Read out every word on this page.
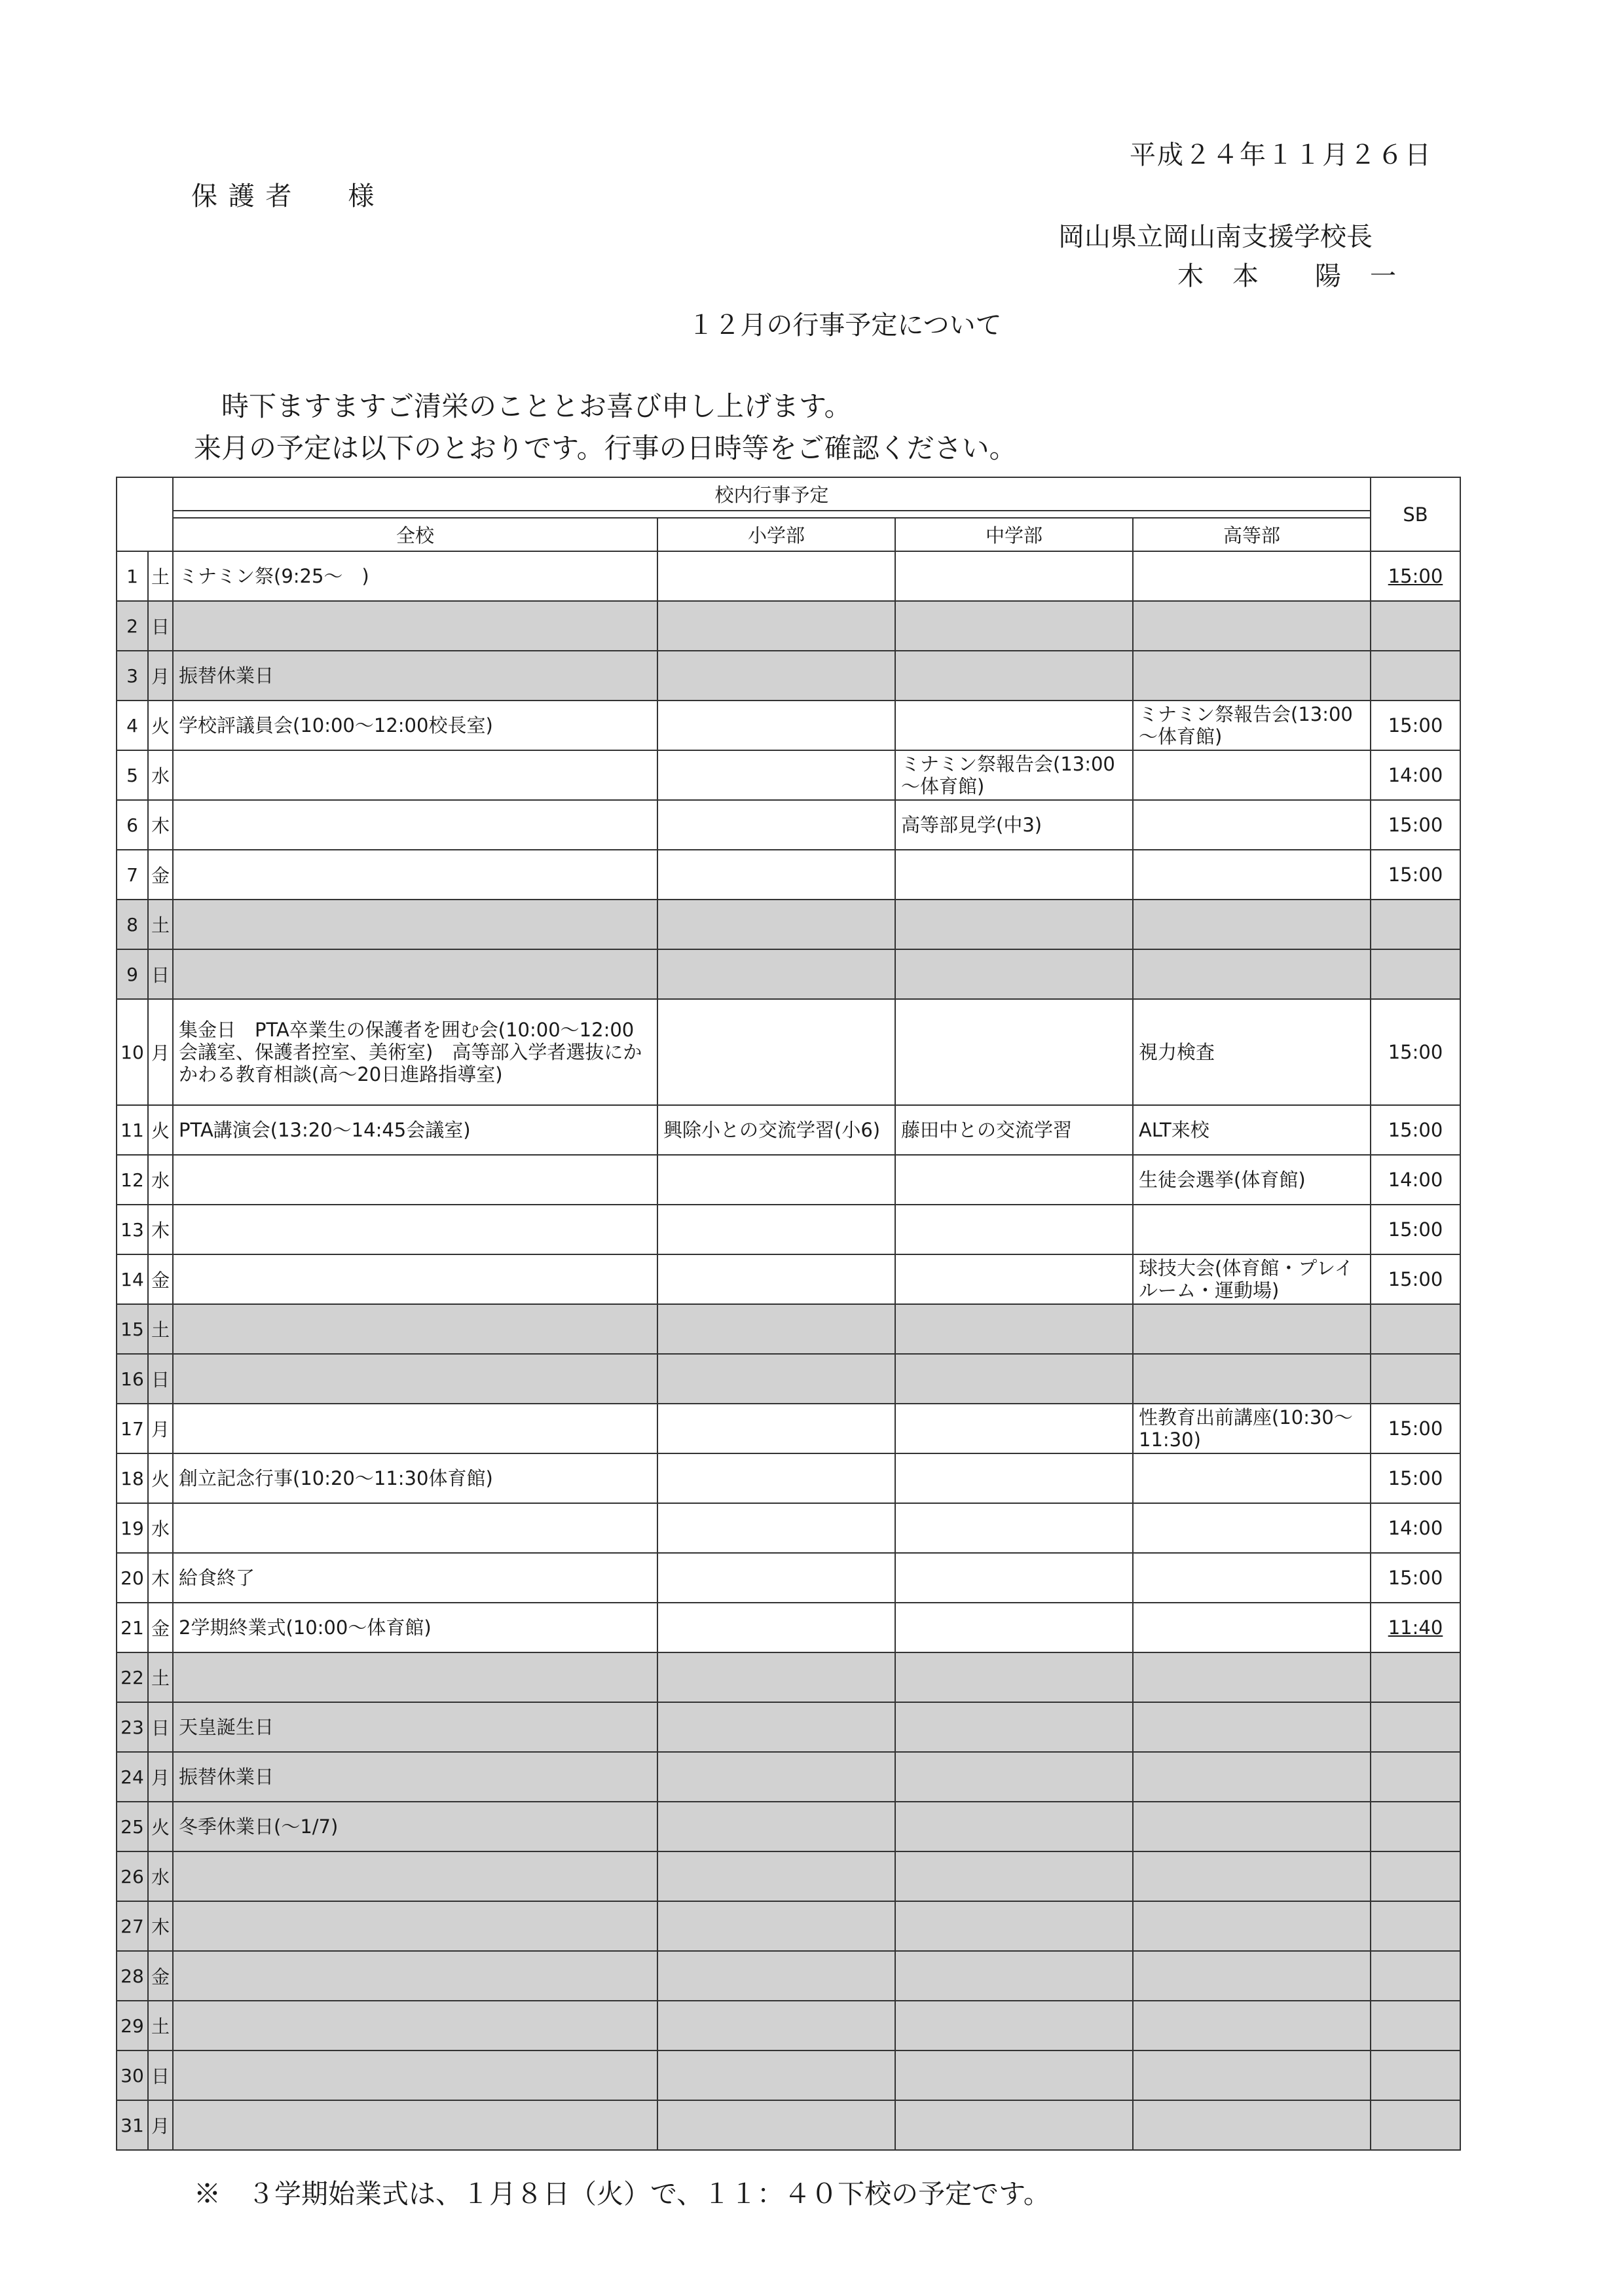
平成２４年１１月２６日
保 護 者　　様
岡山県立岡山南支援学校長
木　本　　陽　一
１２月の行事予定について
時下ますますご清栄のこととお喜び申し上げます。
来月の予定は以下のとおりです。行事の日時等をご確認ください。
		校内行事予定				SB

		全校	小学部	中学部	高等部	
1	土	ミナミン祭(9:25～　)				15:00
2	日					
3	月	振替休業日				
4	火	学校評議員会(10:00～12:00校長室)			ミナミン祭報告会(13:00～体育館)	15:00
5	水			ミナミン祭報告会(13:00～体育館)		14:00
6	木			高等部見学(中3)		15:00
7	金					15:00
8	土					
9	日					
10	月	集金日　PTA卒業生の保護者を囲む会(10:00～12:00会議室、保護者控室、美術室)　高等部入学者選抜にかかわる教育相談(高～20日進路指導室)			視力検査	15:00
11	火	PTA講演会(13:20～14:45会議室)	興除小との交流学習(小6)	藤田中との交流学習	ALT来校	15:00
12	水				生徒会選挙(体育館)	14:00
13	木					15:00
14	金				球技大会(体育館・プレイルーム・運動場)	15:00
15	土					
16	日					
17	月				性教育出前講座(10:30～11:30)	15:00
18	火	創立記念行事(10:20～11:30体育館)				15:00
19	水					14:00
20	木	給食終了				15:00
21	金	2学期終業式(10:00～体育館)				11:40
22	土					
23	日	天皇誕生日				
24	月	振替休業日				
25	火	冬季休業日(～1/7)				
26	水					
27	木					
28	金					
29	土					
30	日					
31	月					
※　３学期始業式は、１月８日（火）で、１１：４０下校の予定です。
